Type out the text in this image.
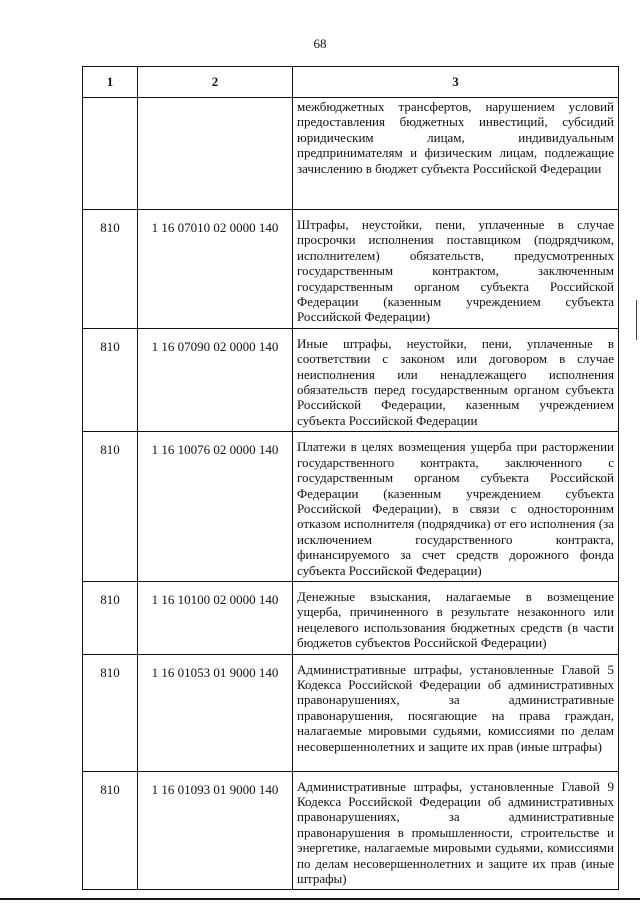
68
1	2	3
		межбюджетных трансфертов, нарушением условий предоставления бюджетных инвестиций, субсидий юридическим лицам, индивидуальным предпринимателям и физическим лицам, подлежащие зачислению в бюджет субъекта Российской Федерации
810	1 16 07010 02 0000 140	Штрафы, неустойки, пени, уплаченные в случае просрочки исполнения поставщиком (подрядчиком, исполнителем) обязательств, предусмотренных государственным контрактом, заключенным государственным органом субъекта Российской Федерации (казенным учреждением субъекта Российской Федерации)
810	1 16 07090 02 0000 140	Иные штрафы, неустойки, пени, уплаченные в соответствии с законом или договором в случае неисполнения или ненадлежащего исполнения обязательств перед государственным органом субъекта Российской Федерации, казенным учреждением субъекта Российской Федерации
810	1 16 10076 02 0000 140	Платежи в целях возмещения ущерба при расторжении государственного контракта, заключенного с государственным органом субъекта Российской Федерации (казенным учреждением субъекта Российской Федерации), в связи с односторонним отказом исполнителя (подрядчика) от его исполнения (за исключением государственного контракта, финансируемого за счет средств дорожного фонда субъекта Российской Федерации)
810	1 16 10100 02 0000 140	Денежные взыскания, налагаемые в возмещение ущерба, причиненного в результате незаконного или нецелевого использования бюджетных средств (в части бюджетов субъектов Российской Федерации)
810	1 16 01053 01 9000 140	Административные штрафы, установленные Главой 5 Кодекса Российской Федерации об административных правонарушениях, за административные правонарушения, посягающие на права граждан, налагаемые мировыми судьями, комиссиями по делам несовершеннолетних и защите их прав (иные штрафы)
810	1 16 01093 01 9000 140	Административные штрафы, установленные Главой 9 Кодекса Российской Федерации об административных правонарушениях, за административные правонарушения в промышленности, строительстве и энергетике, налагаемые мировыми судьями, комиссиями по делам несовершеннолетних и защите их прав (иные штрафы)
